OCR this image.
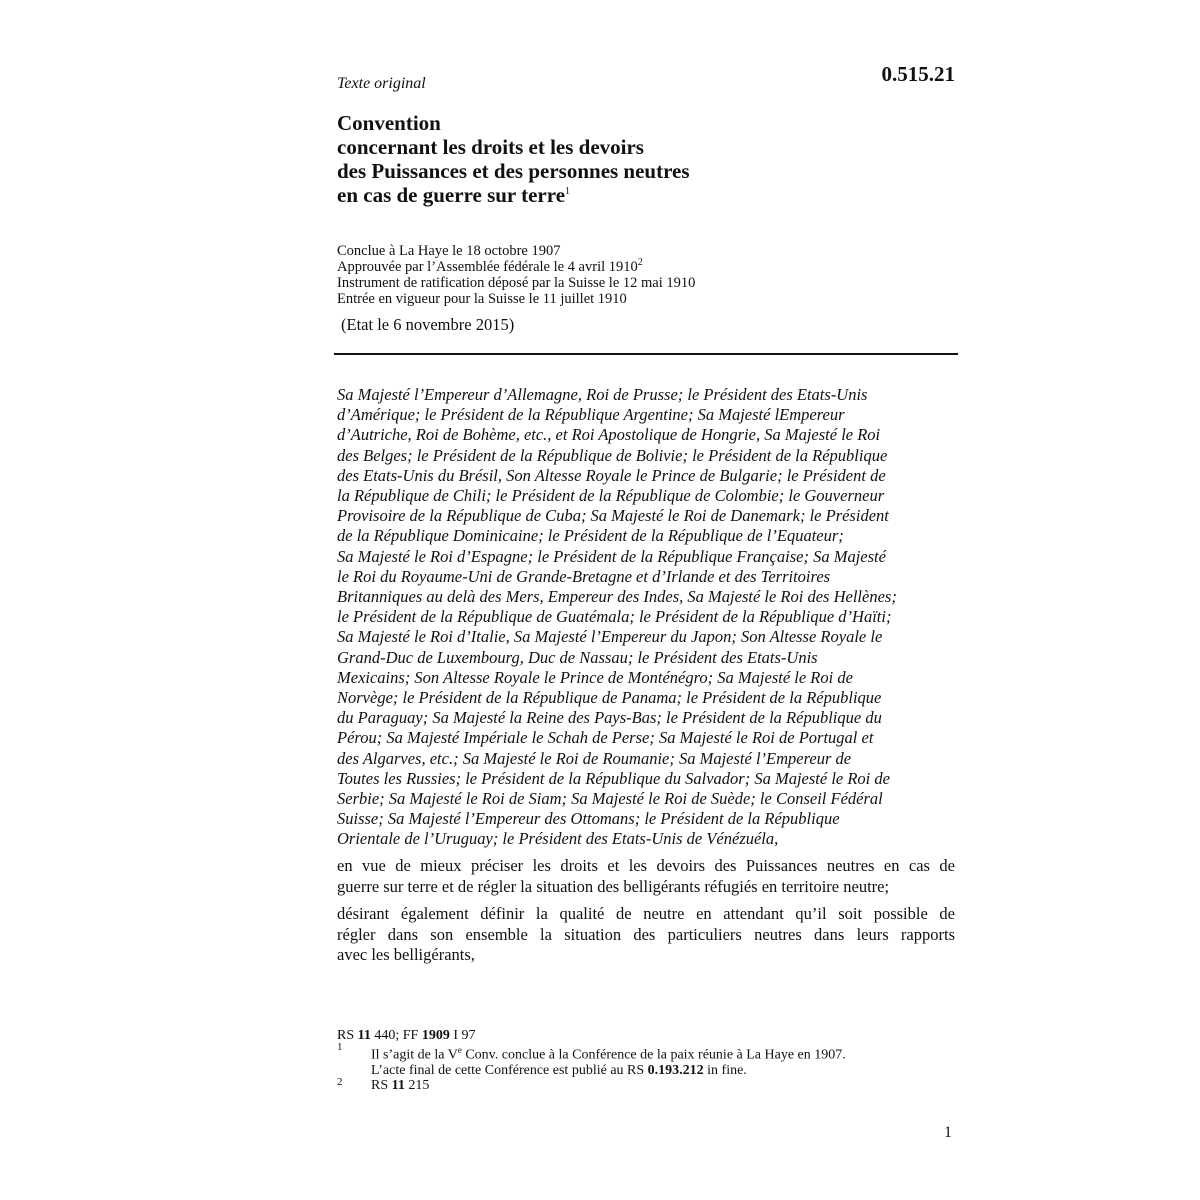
0.515.21
Texte original
Convention
concernant les droits et les devoirs
des Puissances et des personnes neutres
en cas de guerre sur terre$^1$
Conclue à La Haye le 18 octobre 1907
Approuvée par l’Assemblée fédérale le 4 avril 1910$^2$
Instrument de ratification déposé par la Suisse le 12 mai 1910
Entrée en vigueur pour la Suisse le 11 juillet 1910
(Etat le 6 novembre 2015)
Sa Majesté l’Empereur d’Allemagne, Roi de Prusse; le Président des Etats-Unis
d’Amérique; le Président de la République Argentine; Sa Majesté lEmpereur
d’Autriche, Roi de Bohème, etc., et Roi Apostolique de Hongrie, Sa Majesté le Roi
des Belges; le Président de la République de Bolivie; le Président de la République
des Etats-Unis du Brésil, Son Altesse Royale le Prince de Bulgarie; le Président de
la République de Chili; le Président de la République de Colombie; le Gouverneur
Provisoire de la République de Cuba; Sa Majesté le Roi de Danemark; le Président
de la République Dominicaine; le Président de la République de l’Equateur;
Sa Majesté le Roi d’Espagne; le Président de la République Française; Sa Majesté
le Roi du Royaume-Uni de Grande-Bretagne et d’Irlande et des Territoires
Britanniques au delà des Mers, Empereur des Indes, Sa Majesté le Roi des Hellènes;
le Président de la République de Guatémala; le Président de la République d’Haïti;
Sa Majesté le Roi d’Italie, Sa Majesté l’Empereur du Japon; Son Altesse Royale le
Grand-Duc de Luxembourg, Duc de Nassau; le Président des Etats-Unis
Mexicains; Son Altesse Royale le Prince de Monténégro; Sa Majesté le Roi de
Norvège; le Président de la République de Panama; le Président de la République
du Paraguay; Sa Majesté la Reine des Pays-Bas; le Président de la République du
Pérou; Sa Majesté Impériale le Schah de Perse; Sa Majesté le Roi de Portugal et
des Algarves, etc.; Sa Majesté le Roi de Roumanie; Sa Majesté l’Empereur de
Toutes les Russies; le Président de la République du Salvador; Sa Majesté le Roi de
Serbie; Sa Majesté le Roi de Siam; Sa Majesté le Roi de Suède; le Conseil Fédéral
Suisse; Sa Majesté l’Empereur des Ottomans; le Président de la République
Orientale de l’Uruguay; le Président des Etats-Unis de Vénézuéla,
en vue de mieux préciser les droits et les devoirs des Puissances neutres en cas de
guerre sur terre et de régler la situation des belligérants réfugiés en territoire neutre;
désirant également définir la qualité de neutre en attendant qu’il soit possible de
régler dans son ensemble la situation des particuliers neutres dans leurs rapports
avec les belligérants,
RS 11 440; FF 1909 I 97
1
Il s’agit de la Ve Conv. conclue à la Conférence de la paix réunie à La Haye en 1907.
L’acte final de cette Conférence est publié au RS 0.193.212 in fine.
2 RS 11 215
1
